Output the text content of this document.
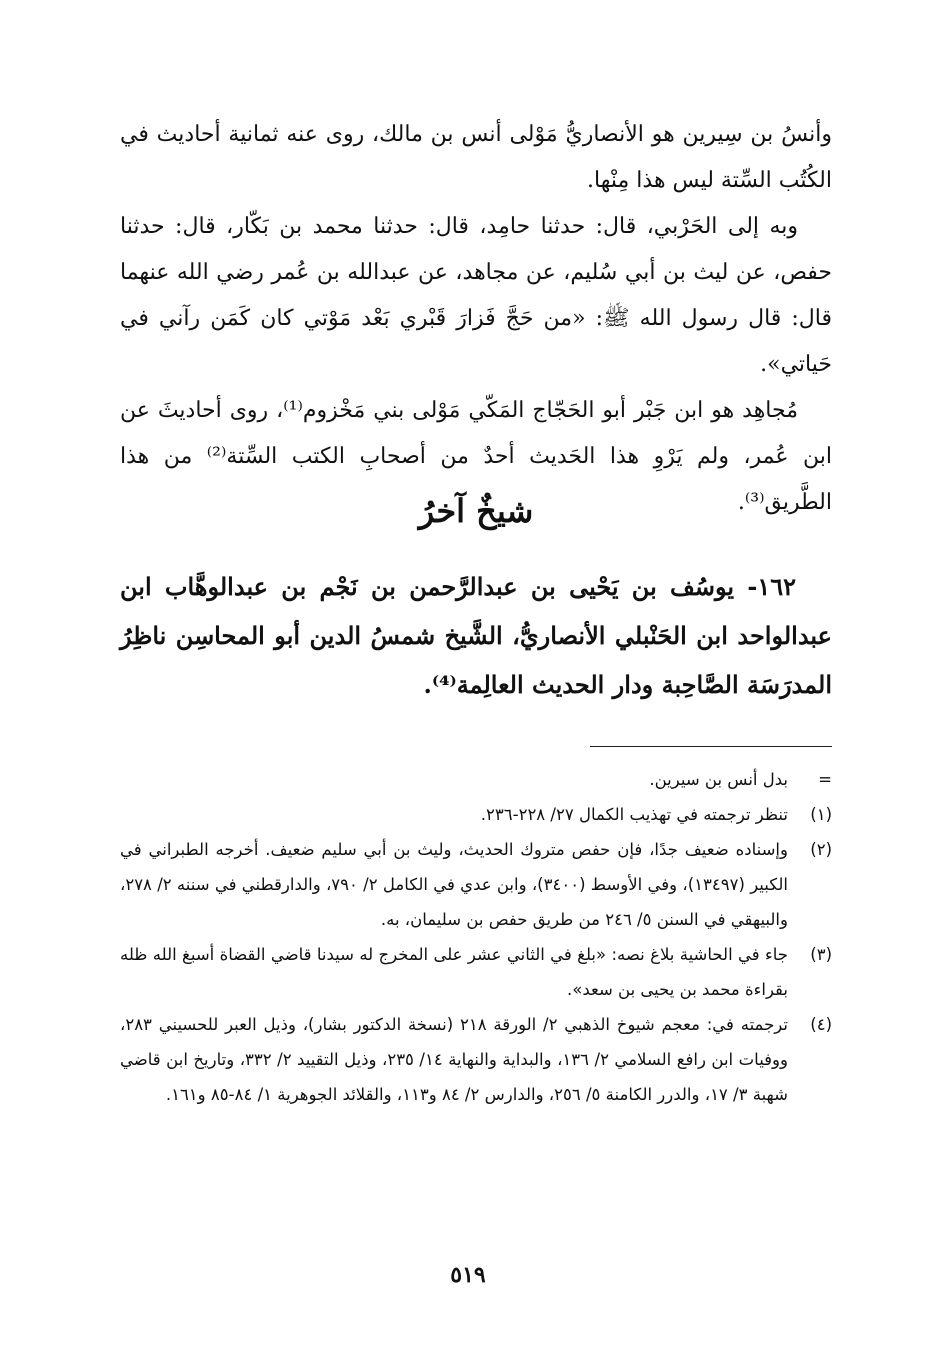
وأنسُ بن سِيرين هو الأنصاريُّ مَوْلى أنس بن مالك، روى عنه ثمانية أحاديث في الكُتُب السِّتة ليس هذا مِنْها.

وبه إلى الحَرْبي، قال: حدثنا حامِد، قال: حدثنا محمد بن بَكّار، قال: حدثنا حفص، عن ليث بن أبي سُليم، عن مجاهد، عن عبدالله بن عُمر رضي الله عنهما قال: قال رسول الله ﷺ: «من حَجَّ فَزارَ قَبْري بَعْد مَوْتي كان كَمَن رآني في حَياتي».

مُجاهِد هو ابن جَبْر أبو الحَجّاج المَكّي مَوْلى بني مَخْزوم⁽¹⁾، روى أحاديثَ عن ابن عُمر، ولم يَرْوِ هذا الحَديث أحدٌ من أصحابِ الكتب السِّتة⁽²⁾ من هذا الطَّريق⁽³⁾.

شيخٌ آخرُ

١٦٢- يوسُف بن يَحْيى بن عبدالرَّحمن بن نَجْم بن عبدالوهَّاب ابن عبدالواحد ابن الحَنْبلي الأنصاريُّ، الشَّيخ شمسُ الدين أبو المحاسِن ناظِرُ المدرَسَة الصَّاحِبة ودار الحديث العالِمة⁽⁴⁾.

=
بدل أنس بن سيرين.
(١)
تنظر ترجمته في تهذيب الكمال ٢٧/ ٢٢٨-٢٣٦.
(٢)
وإسناده ضعيف جدًا، فإن حفص متروك الحديث، وليث بن أبي سليم ضعيف. أخرجه الطبراني في الكبير (١٣٤٩٧)، وفي الأوسط (٣٤٠٠)، وابن عدي في الكامل ٢/ ٧٩٠، والدارقطني في سننه ٢/ ٢٧٨، والبيهقي في السنن ٥/ ٢٤٦ من طريق حفص بن سليمان، به.
(٣)
جاء في الحاشية بلاغ نصه: «بلغ في الثاني عشر على المخرج له سيدنا قاضي القضاة أسبغ الله ظله بقراءة محمد بن يحيى بن سعد».
(٤)
ترجمته في: معجم شيوخ الذهبي ٢/ الورقة ٢١٨ (نسخة الدكتور بشار)، وذيل العبر للحسيني ٢٨٣، ووفيات ابن رافع السلامي ٢/ ١٣٦، والبداية والنهاية ١٤/ ٢٣٥، وذيل التقييد ٢/ ٣٣٢، وتاريخ ابن قاضي شهبة ٣/ ١٧، والدرر الكامنة ٥/ ٢٥٦، والدارس ٢/ ٨٤ و١١٣، والقلائد الجوهرية ١/ ٨٤-٨٥ و١٦١.
٥١٩
